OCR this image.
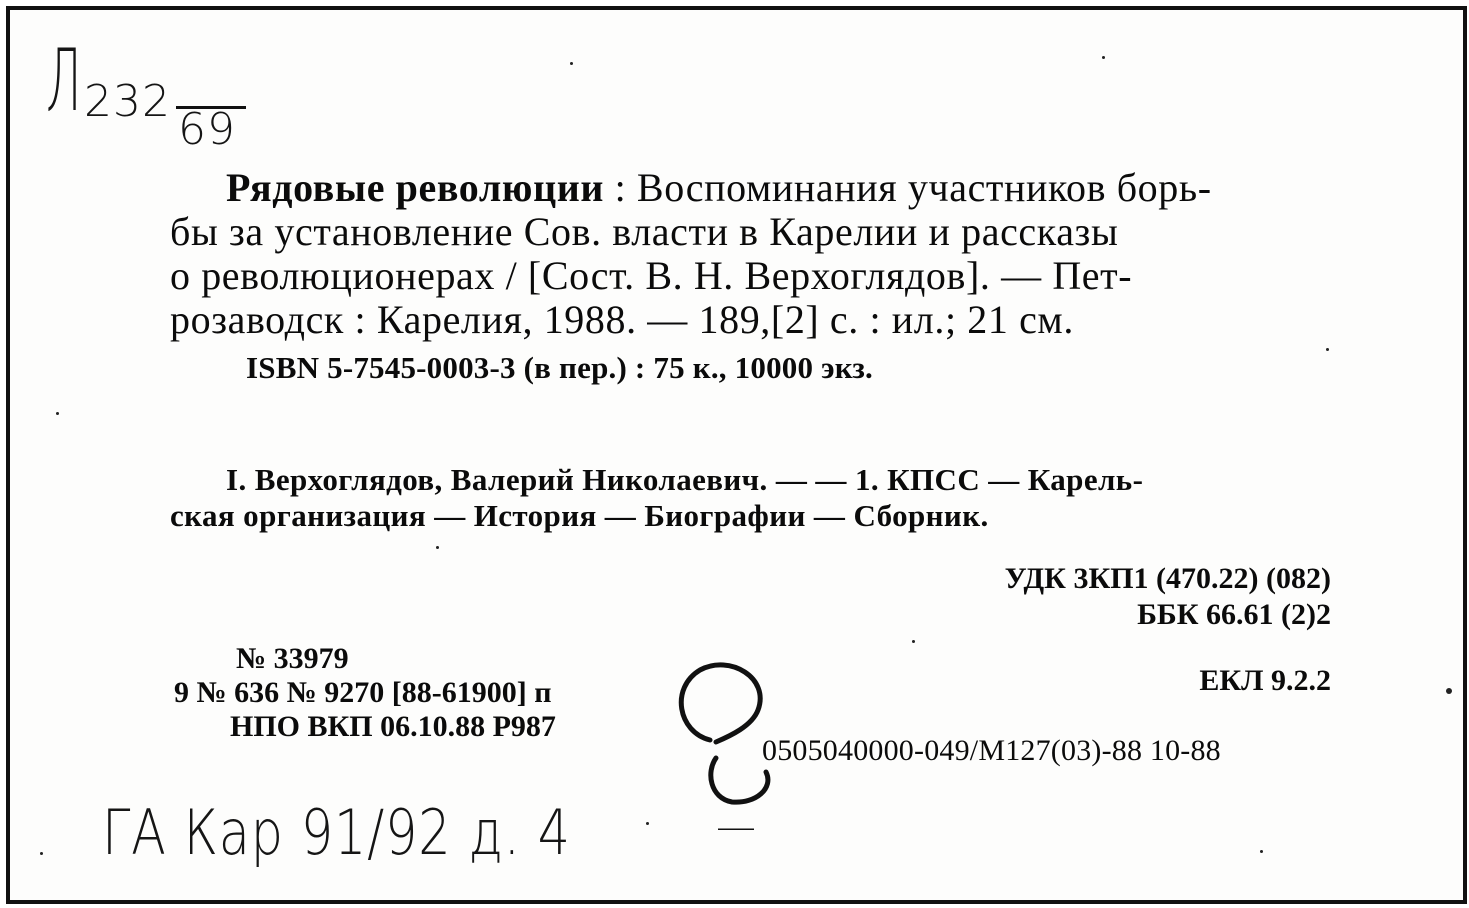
Л 232
69
Рядовые революции : Воспоминания участников борь-
бы за установление Сов. власти в Карелии и рассказы
о революционерах / [Сост. В. Н. Верхоглядов]. — Пет-
розаводск : Карелия, 1988. — 189,[2] с. : ил.; 21 см.
ISBN 5-7545-0003-3 (в пер.) : 75 к., 10000 экз.
I. Верхоглядов, Валерий Николаевич. — — 1. КПСС — Карель-
ская организация — История — Биографии — Сборник.
УДК 3КП1 (470.22) (082)
ББК 66.61 (2)2
ЕКЛ 9.2.2
№ 33979
9 № 636 № 9270 [88-61900] п
НПО ВКП 06.10.88 Р987
0505040000-049/М127(03)-88 10-88
ГА Кар 91/92 д. 4
